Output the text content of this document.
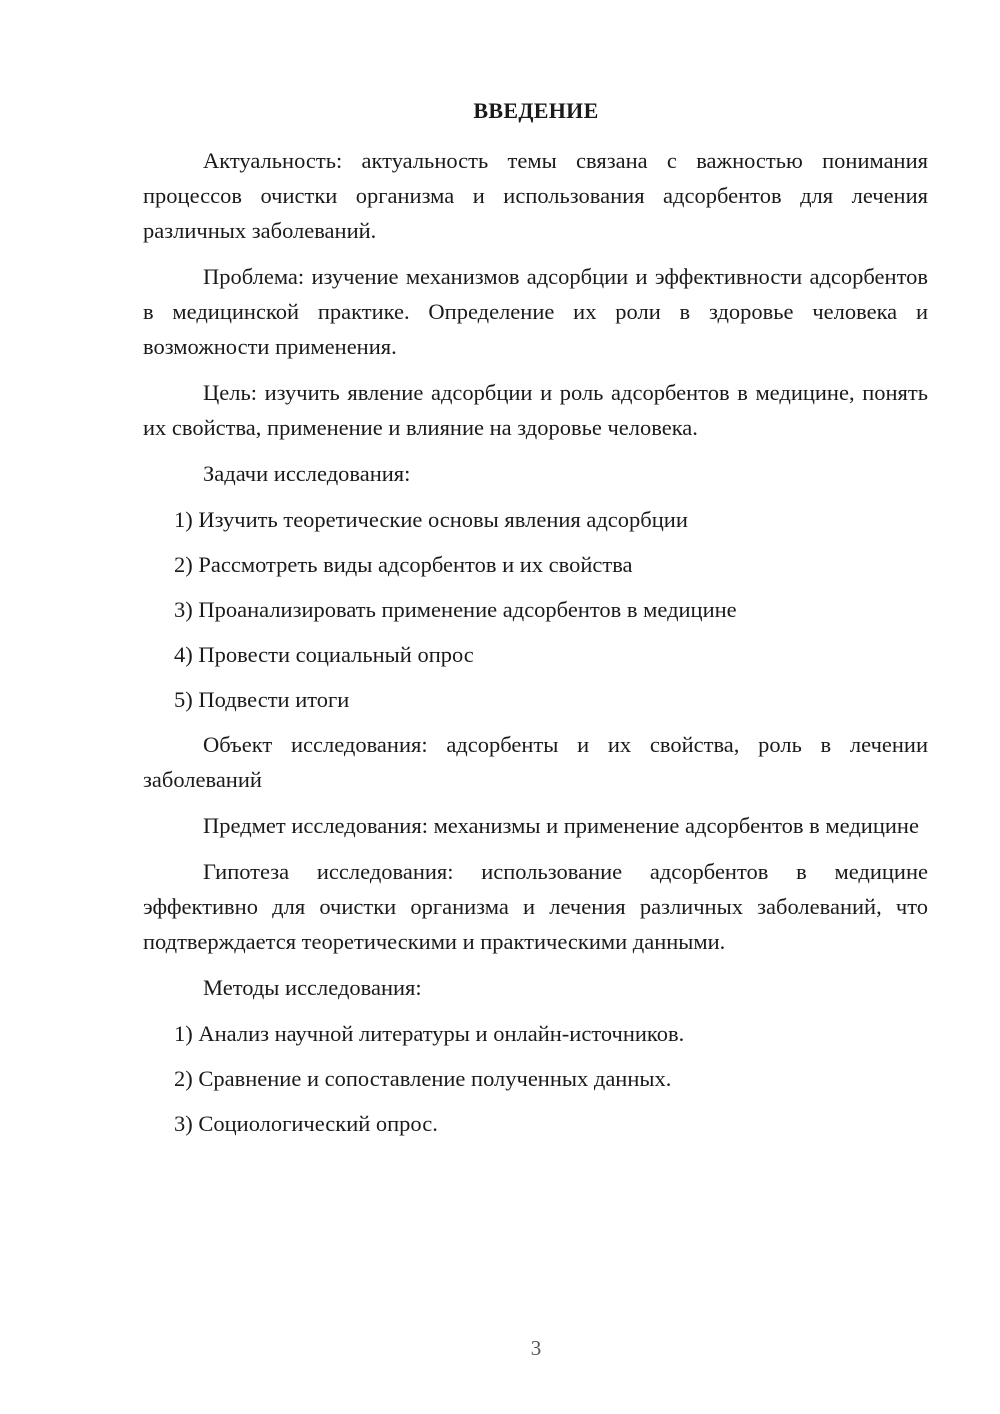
ВВЕДЕНИЕ

Актуальность: актуальность темы связана с важностью понимания процессов очистки организма и использования адсорбентов для лечения различных заболеваний.

Проблема: изучение механизмов адсорбции и эффективности адсорбентов в медицинской практике. Определение их роли в здоровье человека и возможности применения.

Цель: изучить явление адсорбции и роль адсорбентов в медицине, понять их свойства, применение и влияние на здоровье человека.

Задачи исследования:

1) Изучить теоретические основы явления адсорбции

2) Рассмотреть виды адсорбентов и их свойства

3) Проанализировать применение адсорбентов в медицине

4) Провести социальный опрос

5) Подвести итоги

Объект исследования: адсорбенты и их свойства, роль в лечении заболеваний

Предмет исследования: механизмы и применение адсорбентов в медицине

Гипотеза исследования: использование адсорбентов в медицине эффективно для очистки организма и лечения различных заболеваний, что подтверждается теоретическими и практическими данными.

Методы исследования:

1) Анализ научной литературы и онлайн-источников.

2) Сравнение и сопоставление полученных данных.

3) Социологический опрос.

3
